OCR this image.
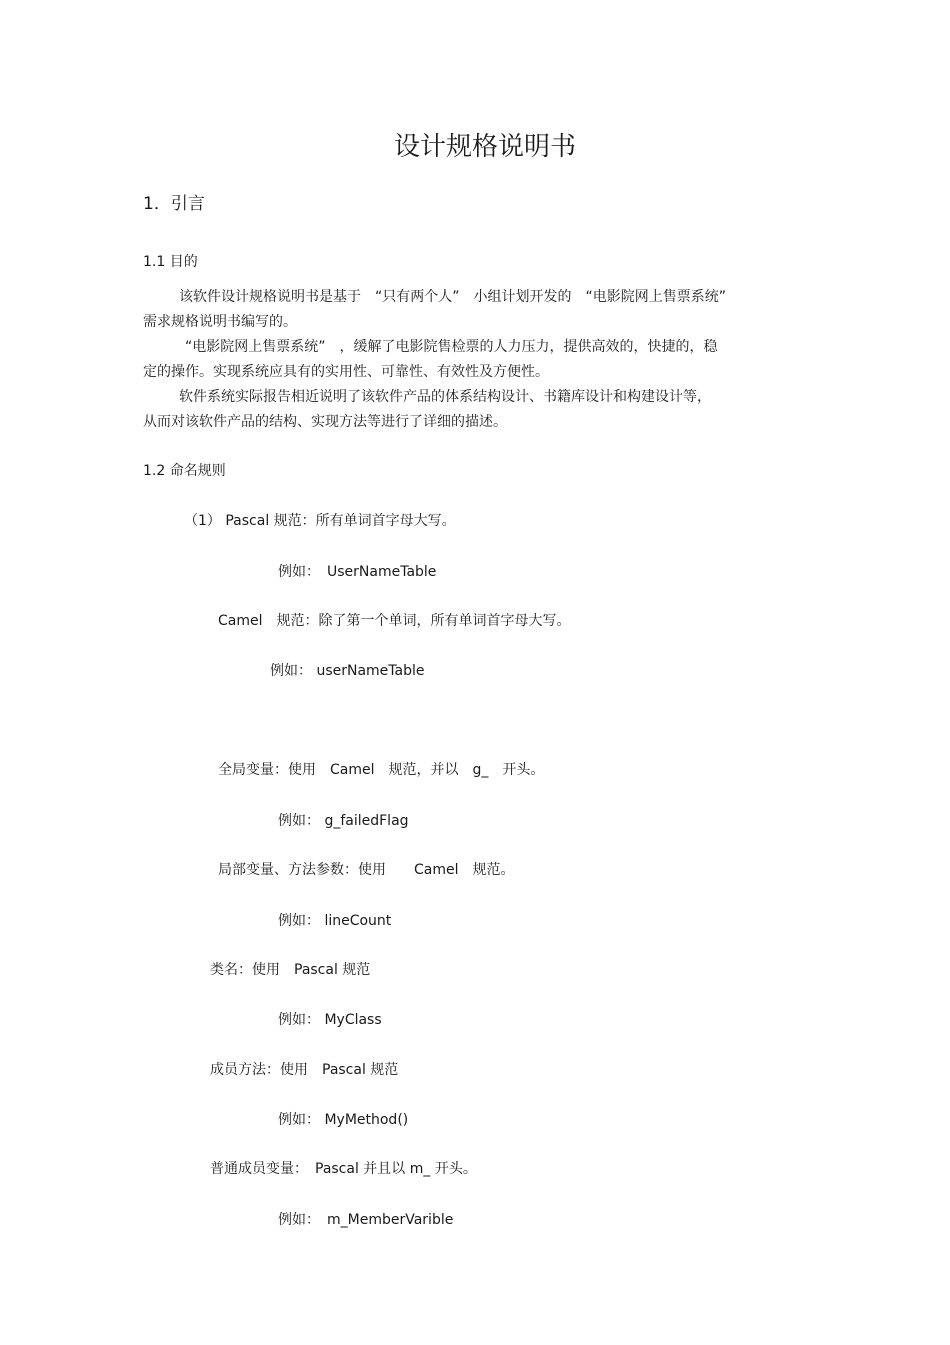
设计规格说明书
1．引言
1.1 目的
该软件设计规格说明书是基于　“只有两个人”　小组计划开发的　“电影院网上售票系统”
需求规格说明书编写的。
“电影院网上售票系统”　，缓解了电影院售检票的人力压力，提供高效的，快捷的，稳
定的操作。实现系统应具有的实用性、可靠性、有效性及方便性。
软件系统实际报告相近说明了该软件产品的体系结构设计、书籍库设计和构建设计等，
从而对该软件产品的结构、实现方法等进行了详细的描述。
1.2 命名规则
（1） Pascal 规范：所有单词首字母大写。
例如：　UserNameTable
Camel　规范：除了第一个单词，所有单词首字母大写。
例如： userNameTable
全局变量：使用　Camel　规范，并以　g_　开头。
例如： g_failedFlag
局部变量、方法参数：使用　　Camel　规范。
例如： lineCount
类名：使用　Pascal 规范
例如： MyClass
成员方法：使用　Pascal 规范
例如： MyMethod()
普通成员变量：　Pascal 并且以 m_ 开头。
例如：　m_MemberVarible
